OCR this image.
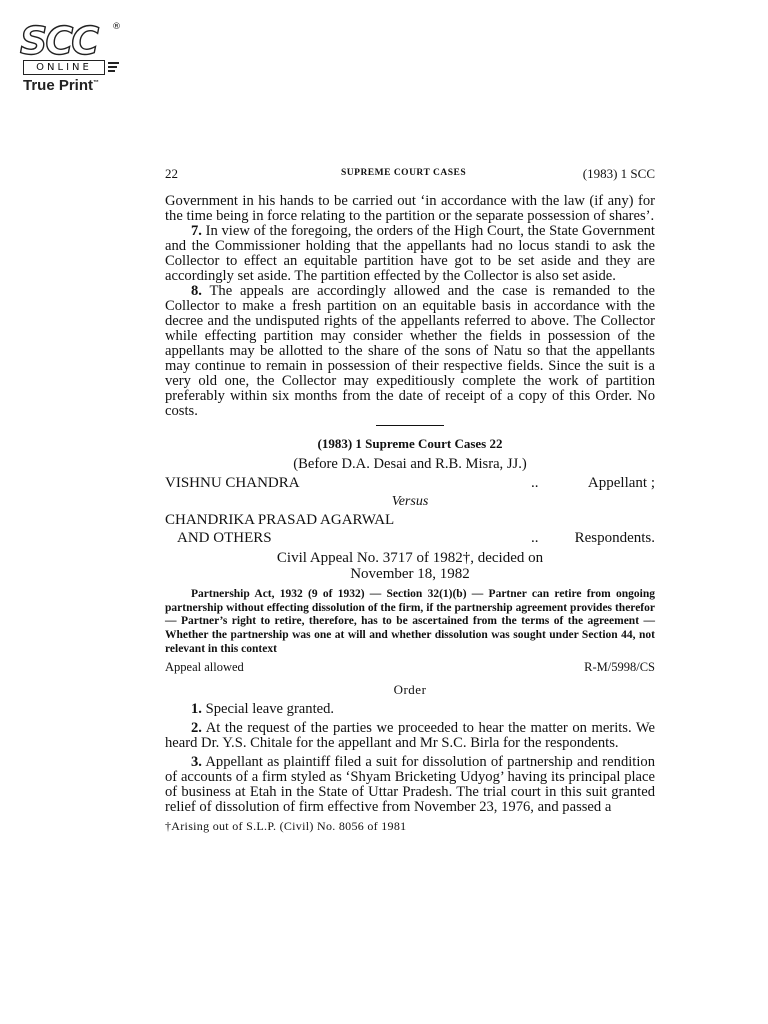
SCC	®
ONLINE
True Print™
22	SUPREME COURT CASES	(1983) 1 SCC

Government in his hands to be carried out ‘in accordance with the law (if any) for the time being in force relating to the partition or the separate possession of shares’.

7. In view of the foregoing, the orders of the High Court, the State Government and the Commissioner holding that the appellants had no locus standi to ask the Collector to effect an equitable partition have got to be set aside and they are accordingly set aside. The partition effected by the Collector is also set aside.

8. The appeals are accordingly allowed and the case is remanded to the Collector to make a fresh partition on an equitable basis in accordance with the decree and the undisputed rights of the appellants referred to above. The Collector while effecting partition may consider whether the fields in possession of the appellants may be allotted to the share of the sons of Natu so that the appellants may continue to remain in possession of their respective fields. Since the suit is a very old one, the Collector may expeditiously complete the work of partition preferably within six months from the date of receipt of a copy of this Order. No costs.

(1983) 1 Supreme Court Cases 22
(Before D.A. Desai and R.B. Misra, JJ.)
VISHNU CHANDRA	..	Appellant ;
Versus
CHANDRIKA PRASAD AGARWAL
AND OTHERS	.. Respondents.
Civil Appeal No. 3717 of 1982†, decided on
November 18, 1982
Partnership Act, 1932 (9 of 1932) — Section 32(1)(b) — Partner can retire from ongoing partnership without effecting dissolution of the firm, if the partnership agreement provides therefor — Partner’s right to retire, therefore, has to be ascertained from the terms of the agreement — Whether the partnership was one at will and whether dissolution was sought under Section 44, not relevant in this context
Appeal allowed	R-M/5998/CS
Order

1. Special leave granted.

2. At the request of the parties we proceeded to hear the matter on merits. We heard Dr. Y.S. Chitale for the appellant and Mr S.C. Birla for the respondents.

3. Appellant as plaintiff filed a suit for dissolution of partnership and rendition of accounts of a firm styled as ‘Shyam Bricketing Udyog’ having its principal place of business at Etah in the State of Uttar Pradesh. The trial court in this suit granted relief of dissolution of firm effective from November 23, 1976, and passed a

†Arising out of S.L.P. (Civil) No. 8056 of 1981
